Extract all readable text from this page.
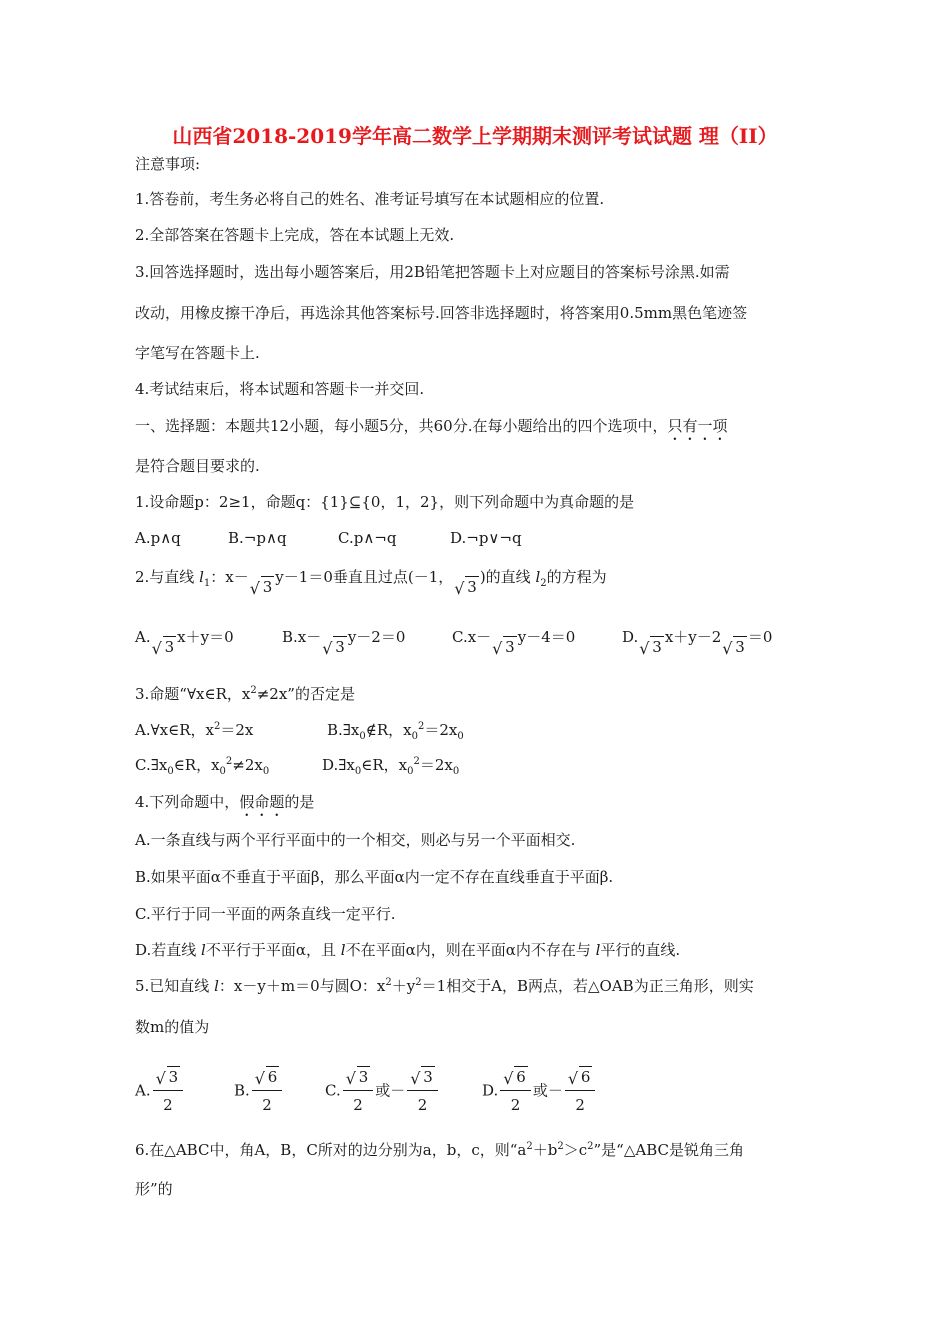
山西省2018-2019学年高二数学上学期期末测评考试试题 理（II）
注意事项:
1.答卷前，考生务必将自己的姓名、准考证号填写在本试题相应的位置.
2.全部答案在答题卡上完成，答在本试题上无效.
3.回答选择题时，选出每小题答案后，用2B铅笔把答题卡上对应题目的答案标号涂黑.如需
改动，用橡皮擦干净后，再选涂其他答案标号.回答非选择题时，将答案用0.5mm黑色笔迹签
字笔写在答题卡上.
4.考试结束后，将本试题和答题卡一并交回.
一、选择题：本题共12小题，每小题5分，共60分.在每小题给出的四个选项中，只有一项
是符合题目要求的.
1.设命题p：2≥1，命题q：{1}⊆{0，1，2}，则下列命题中为真命题的是
A.p∧q	B.¬p∧q	C.p∧¬q	D.¬p∨¬q
2.与直线 $l_1$：x－
√ 3y－1＝0垂直且过点(－1，
√ 3)的直线 $l_2$的方程为
A.
√ 3x＋y＝0	B.x－
√ 3y－2＝0	C.x－
√ 3y－4＝0	D.
√ 3x＋y－2
√ 3＝0
3.命题“∀x∈R，$x^2\ne 2x$”的否定是
A.∀x∈R，$x^2=2x$	$B.\exists x_0\notin R$，$x_0^2=2x_0$
$C.\exists x_0\in R$，$x_0^2\ne 2x_0$	$D.\exists x_0\in R$，$x_0^2=2x_0$
4.下列命题中，假命题的是
A.一条直线与两个平行平面中的一个相交，则必与另一个平面相交.
B.如果平面α不垂直于平面β，那么平面α内一定不存在直线垂直于平面β.
C.平行于同一平面的两条直线一定平行.
D.若直线 l不平行于平面α，且 l不在平面α内，则在平面α内不存在与 l平行的直线.
5.已知直线 l：x－y＋m＝0与圆O：$x^2+y^2=1$相交于A，B两点，若△OAB为正三角形，则实
数m的值为
A. $\frac{√ 3}{2}$	B. $\frac{√ 6}{2}$	C. $\frac{√ 3}{2}$ 或－ $\frac{√ 3}{2}$	D. $\frac{√ 6}{2}$ 或－ $\frac{√ 6}{2}$
6.在△ABC中，角A，B，C所对的边分别为a，b，c，则“$a^2+b^2>c^2$”是“△ABC是锐角三角
形”的
